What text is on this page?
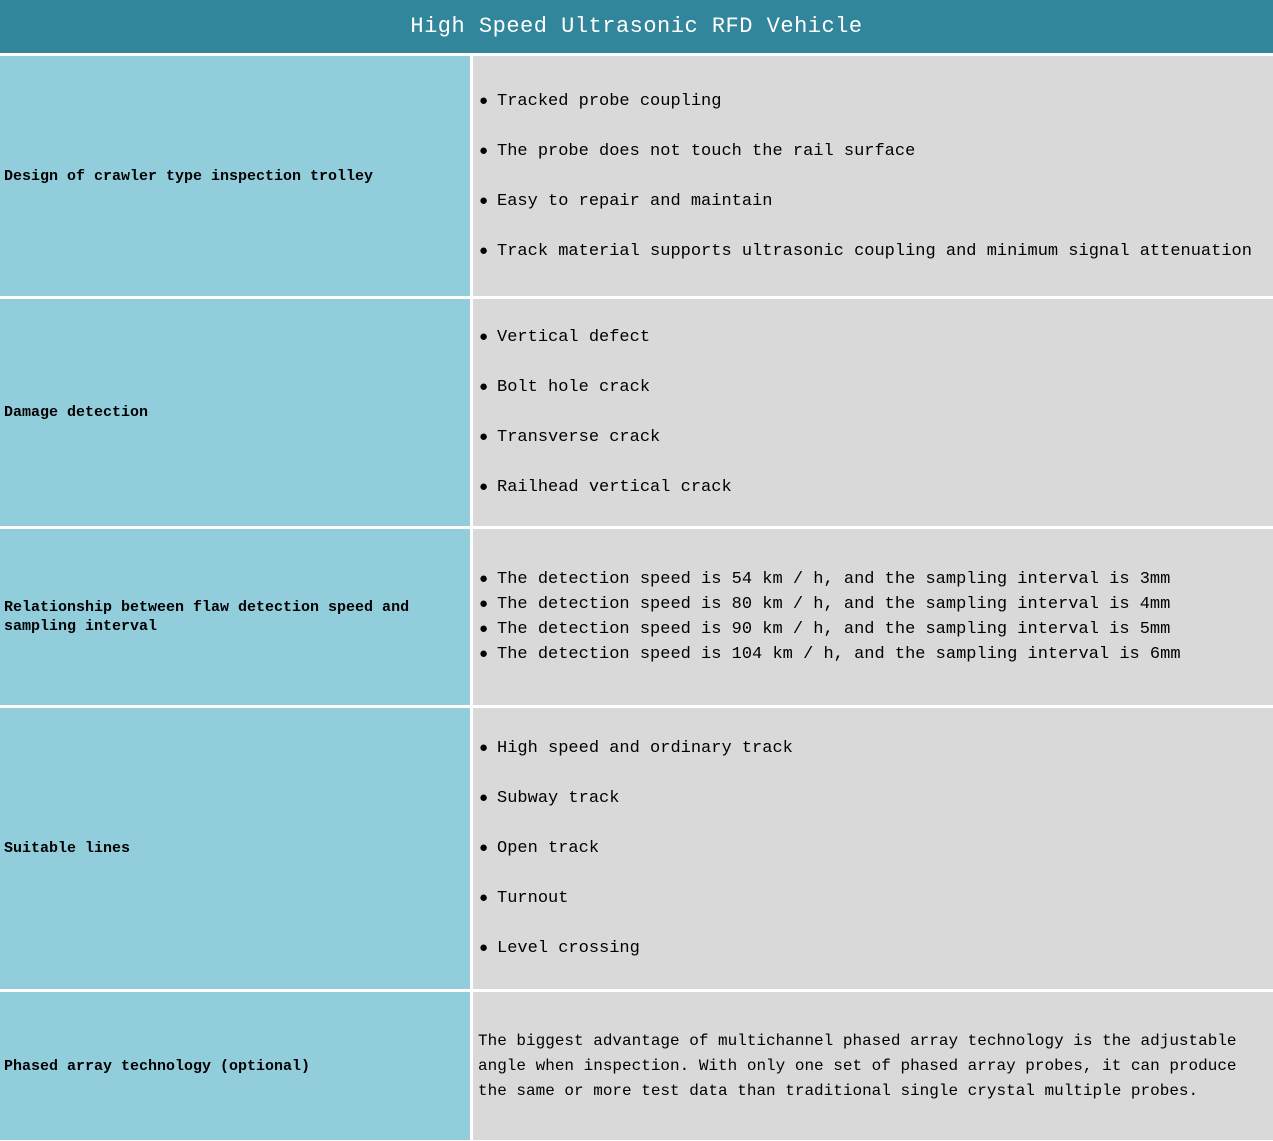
High Speed Ultrasonic RFD Vehicle
Design of crawler type inspection trolley
● Tracked probe coupling
● The probe does not touch the rail surface
● Easy to repair and maintain
● Track material supports ultrasonic coupling and minimum signal attenuation
Damage detection
● Vertical defect
● Bolt hole crack
● Transverse crack
● Railhead vertical crack
Relationship between flaw detection speed and sampling interval
● The detection speed is 54 km / h, and the sampling interval is 3mm
● The detection speed is 80 km / h, and the sampling interval is 4mm
● The detection speed is 90 km / h, and the sampling interval is 5mm
● The detection speed is 104 km / h, and the sampling interval is 6mm
Suitable lines
● High speed and ordinary track
● Subway track
● Open track
● Turnout
● Level crossing
Phased array technology (optional)
The biggest advantage of multichannel phased array technology is the adjustable angle when inspection. With only one set of phased array probes, it can produce the same or more test data than traditional single crystal multiple probes.
